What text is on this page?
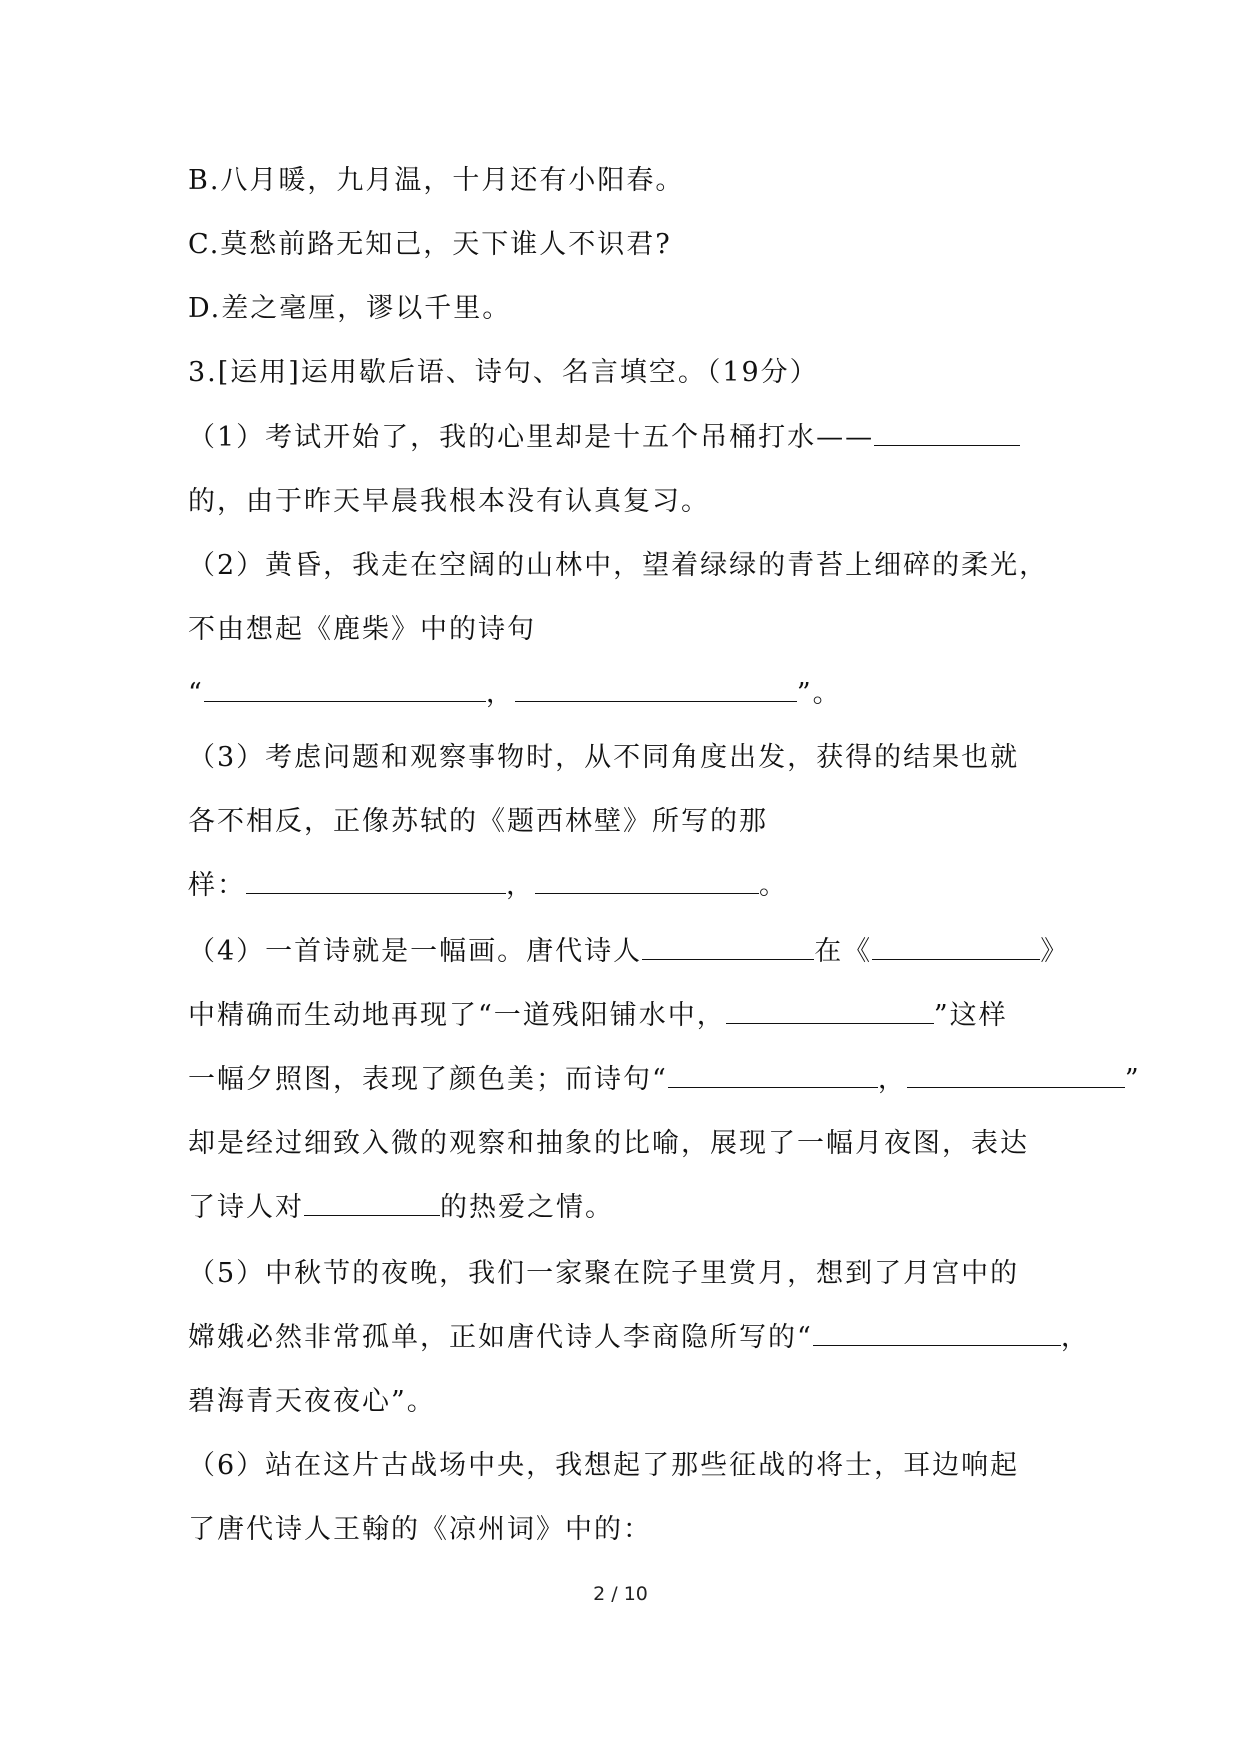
B.八月暖，九月温，十月还有小阳春。

C.莫愁前路无知己，天下谁人不识君?

D.差之毫厘，谬以千里。

3.[运用]运用歇后语、诗句、名言填空。（19分）

（1）考试开始了，我的心里却是十五个吊桶打水——

的，由于昨天早晨我根本没有认真复习。

（2）黄昏，我走在空阔的山林中，望着绿绿的青苔上细碎的柔光，

不由想起《鹿柴》中的诗句

“	，	”。

（3）考虑问题和观察事物时，从不同角度出发，获得的结果也就

各不相反，正像苏轼的《题西林壁》所写的那

样：	，	。

（4）一首诗就是一幅画。唐代诗人	在《	》

中精确而生动地再现了“一道残阳铺水中，	”这样

一幅夕照图，表现了颜色美；而诗句“	，	”

却是经过细致入微的观察和抽象的比喻，展现了一幅月夜图，表达

了诗人对	的热爱之情。

（5）中秋节的夜晚，我们一家聚在院子里赏月，想到了月宫中的

嫦娥必然非常孤单，正如唐代诗人李商隐所写的“	，

碧海青天夜夜心”。

（6）站在这片古战场中央，我想起了那些征战的将士，耳边响起

了唐代诗人王翰的《凉州词》中的：

2 / 10
